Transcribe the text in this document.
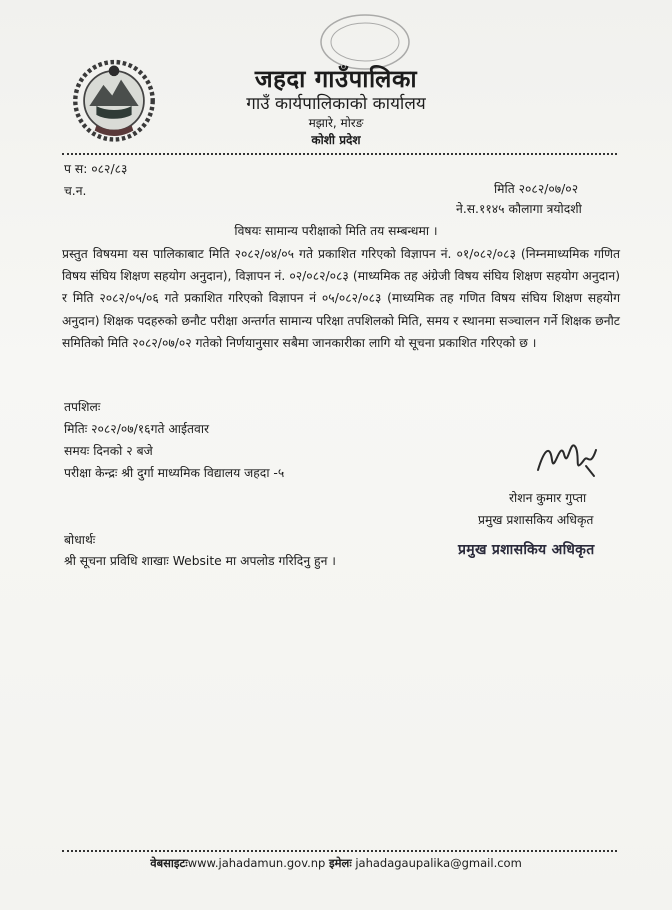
जहदा गाउँपालिका
गाउँ कार्यपालिकाको कार्यालय
मझारे, मोरङ
कोशी प्रदेश
प स: ०८२/८३
च.न.	मिति २०८२/०७/०२
ने.स.११४५ कौलागा त्रयोदशी
विषयः सामान्य परीक्षाको मिति तय सम्बन्धमा ।
प्रस्तुत विषयमा यस पालिकाबाट मिति २०८२/०४/०५ गते प्रकाशित गरिएको विज्ञापन नं. ०१/०८२/०८३ (निम्नमाध्यमिक गणित विषय संघिय शिक्षण सहयोग अनुदान), विज्ञापन नं. ०२/०८२/०८३ (माध्यमिक तह अंग्रेजी विषय संघिय शिक्षण सहयोग अनुदान) र मिति २०८२/०५/०६ गते प्रकाशित गरिएको विज्ञापन नं ०५/०८२/०८३ (माध्यमिक तह गणित विषय संघिय शिक्षण सहयोग अनुदान) शिक्षक पदहरुको छनौट परीक्षा अन्तर्गत सामान्य परिक्षा तपशिलको मिति, समय र स्थानमा सञ्चालन गर्ने शिक्षक छनौट समितिको मिति २०८२/०७/०२ गतेको निर्णयानुसार सबैमा जानकारीका लागि यो सूचना प्रकाशित गरिएको छ ।
तपशिलः
मितिः २०८२/०७/१६गते आईतवार
समयः दिनको २ बजे
परीक्षा केन्द्रः श्री दुर्गा माध्यमिक विद्यालय जहदा -५
रोशन कुमार गुप्ता
प्रमुख प्रशासकिय अधिकृत
बोधार्थः
श्री सूचना प्रविधि शाखाः Website मा अपलोड गरिदिनु हुन ।
प्रमुख प्रशासकिय अधिकृत
वेबसाइटःwww.jahadamun.gov.np इमेलः jahadagaupalika@gmail.com
